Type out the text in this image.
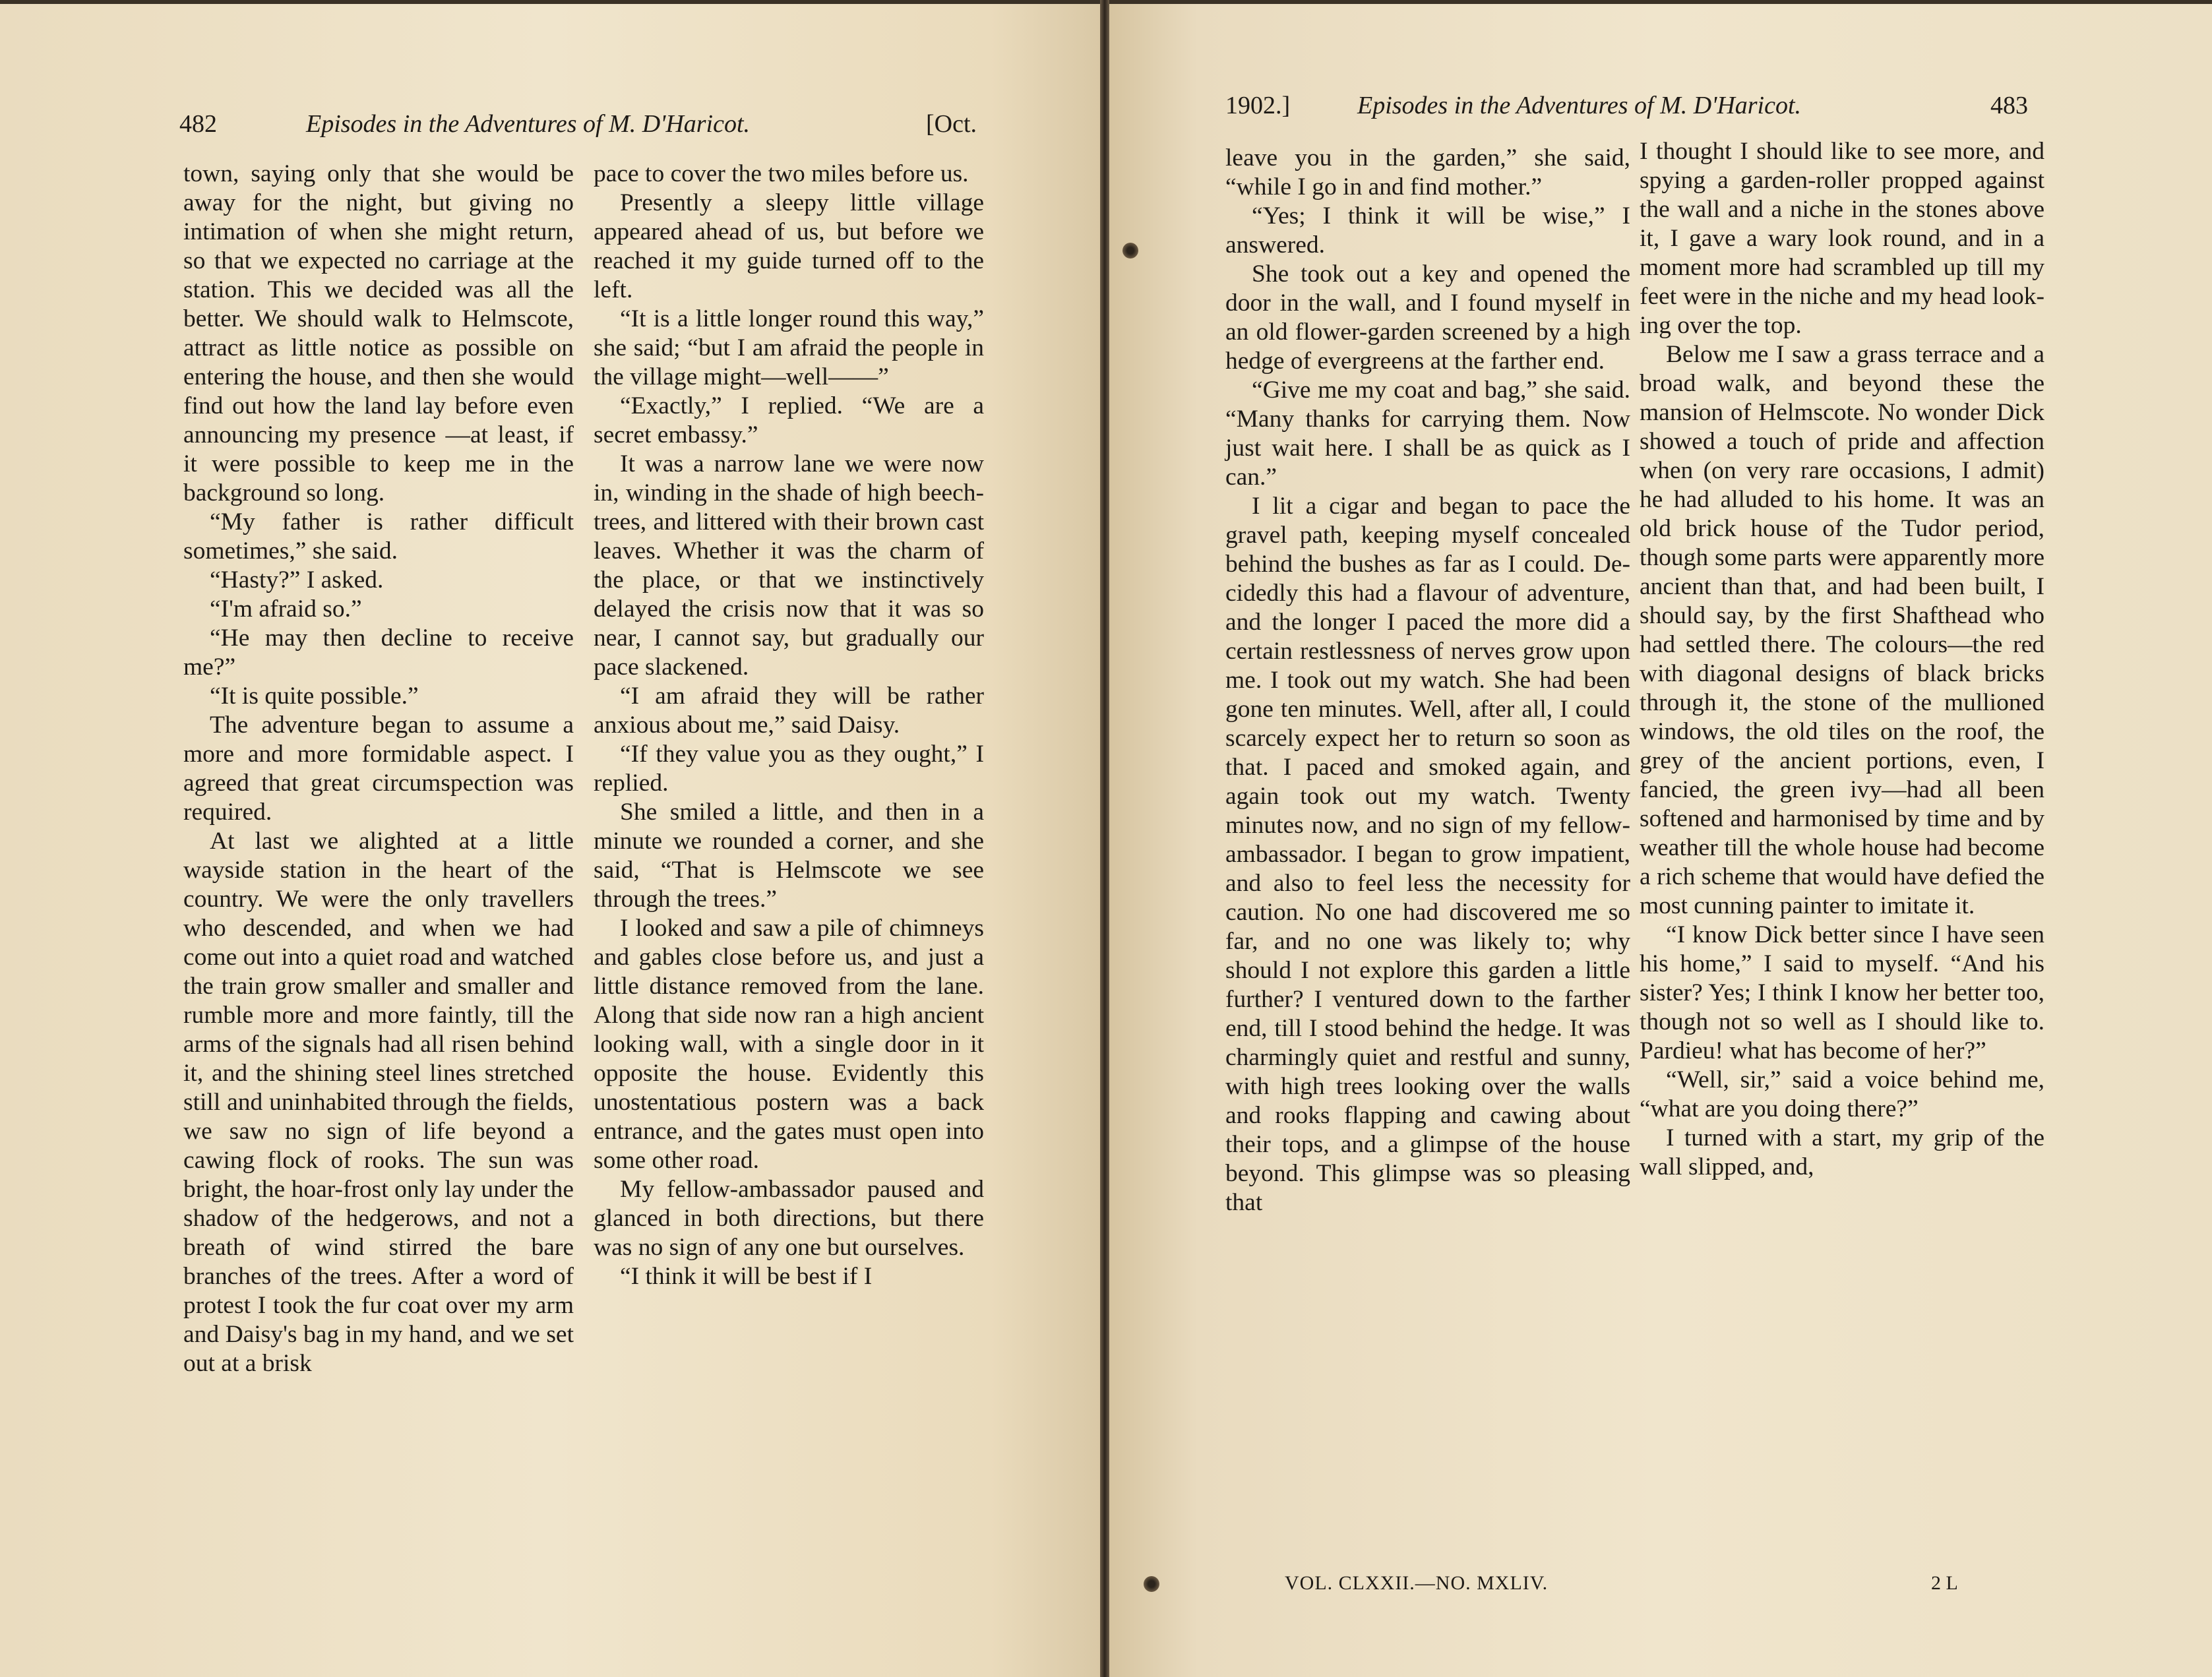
482	Episodes in the Adventures of M. D'Haricot.	[Oct.

town, saying only that she would be away for the night, but giving no intimation of when she might return, so that we expected no carriage at the station. This we decided was all the better. We should walk to Helmscote, attract as little notice as possible on entering the house, and then she would find out how the land lay before even announcing my presence —at least, if it were possible to keep me in the background so long.

“My father is rather difficult sometimes,” she said.

“Hasty?” I asked.

“I'm afraid so.”

“He may then decline to receive me?”

“It is quite possible.”

The adventure began to assume a more and more formidable aspect. I agreed that great circumspection was required.

At last we alighted at a little wayside station in the heart of the country. We were the only travellers who descended, and when we had come out into a quiet road and watched the train grow smaller and smaller and rumble more and more faintly, till the arms of the signals had all risen behind it, and the shining steel lines stretched still and uninhabited through the fields, we saw no sign of life beyond a cawing flock of rooks. The sun was bright, the hoar-frost only lay under the shadow of the hedgerows, and not a breath of wind stirred the bare branches of the trees. After a word of protest I took the fur coat over my arm and Daisy's bag in my hand, and we set out at a brisk

pace to cover the two miles before us.

Presently a sleepy little village appeared ahead of us, but before we reached it my guide turned off to the left.

“It is a little longer round this way,” she said; “but I am afraid the people in the village might—well——”

“Exactly,” I replied. “We are a secret embassy.”

It was a narrow lane we were now in, winding in the shade of high beech-trees, and littered with their brown cast leaves. Whether it was the charm of the place, or that we instinctively delayed the crisis now that it was so near, I cannot say, but gradually our pace slackened.

“I am afraid they will be rather anxious about me,” said Daisy.

“If they value you as they ought,” I replied.

She smiled a little, and then in a minute we rounded a corner, and she said, “That is Helmscote we see through the trees.”

I looked and saw a pile of chimneys and gables close before us, and just a little distance removed from the lane. Along that side now ran a high ancient looking wall, with a single door in it opposite the house. Evidently this unostentatious postern was a back entrance, and the gates must open into some other road.

My fellow-ambassador paused and glanced in both directions, but there was no sign of any one but ourselves.

“I think it will be best if I

1902.]	Episodes in the Adventures of M. D'Haricot.	483

leave you in the garden,” she said, “while I go in and find mother.”

“Yes; I think it will be wise,” I answered.

She took out a key and opened the door in the wall, and I found myself in an old flower-garden screened by a high hedge of evergreens at the farther end.

“Give me my coat and bag,” she said. “Many thanks for carrying them. Now just wait here. I shall be as quick as I can.”

I lit a cigar and began to pace the gravel path, keeping myself concealed behind the bushes as far as I could. Decidedly this had a flavour of adventure, and the longer I paced the more did a certain restlessness of nerves grow upon me. I took out my watch. She had been gone ten minutes. Well, after all, I could scarcely expect her to return so soon as that. I paced and smoked again, and again took out my watch. Twenty minutes now, and no sign of my fellow-ambassador. I began to grow impatient, and also to feel less the necessity for caution. No one had discovered me so far, and no one was likely to; why should I not explore this garden a little further? I ventured down to the farther end, till I stood behind the hedge. It was charmingly quiet and restful and sunny, with high trees looking over the walls and rooks flapping and cawing about their tops, and a glimpse of the house beyond. This glimpse was so pleasing that

I thought I should like to see more, and spying a garden-roller propped against the wall and a niche in the stones above it, I gave a wary look round, and in a moment more had scrambled up till my feet were in the niche and my head looking over the top.

Below me I saw a grass terrace and a broad walk, and beyond these the mansion of Helmscote. No wonder Dick showed a touch of pride and affection when (on very rare occasions, I admit) he had alluded to his home. It was an old brick house of the Tudor period, though some parts were apparently more ancient than that, and had been built, I should say, by the first Shafthead who had settled there. The colours—the red with diagonal designs of black bricks through it, the stone of the mullioned windows, the old tiles on the roof, the grey of the ancient portions, even, I fancied, the green ivy—had all been softened and harmonised by time and by weather till the whole house had become a rich scheme that would have defied the most cunning painter to imitate it.

“I know Dick better since I have seen his home,” I said to myself. “And his sister? Yes; I think I know her better too, though not so well as I should like to. Pardieu! what has become of her?”

“Well, sir,” said a voice behind me, “what are you doing there?”

I turned with a start, my grip of the wall slipped, and,

VOL. CLXXII.—NO. MXLIV.	2 L
